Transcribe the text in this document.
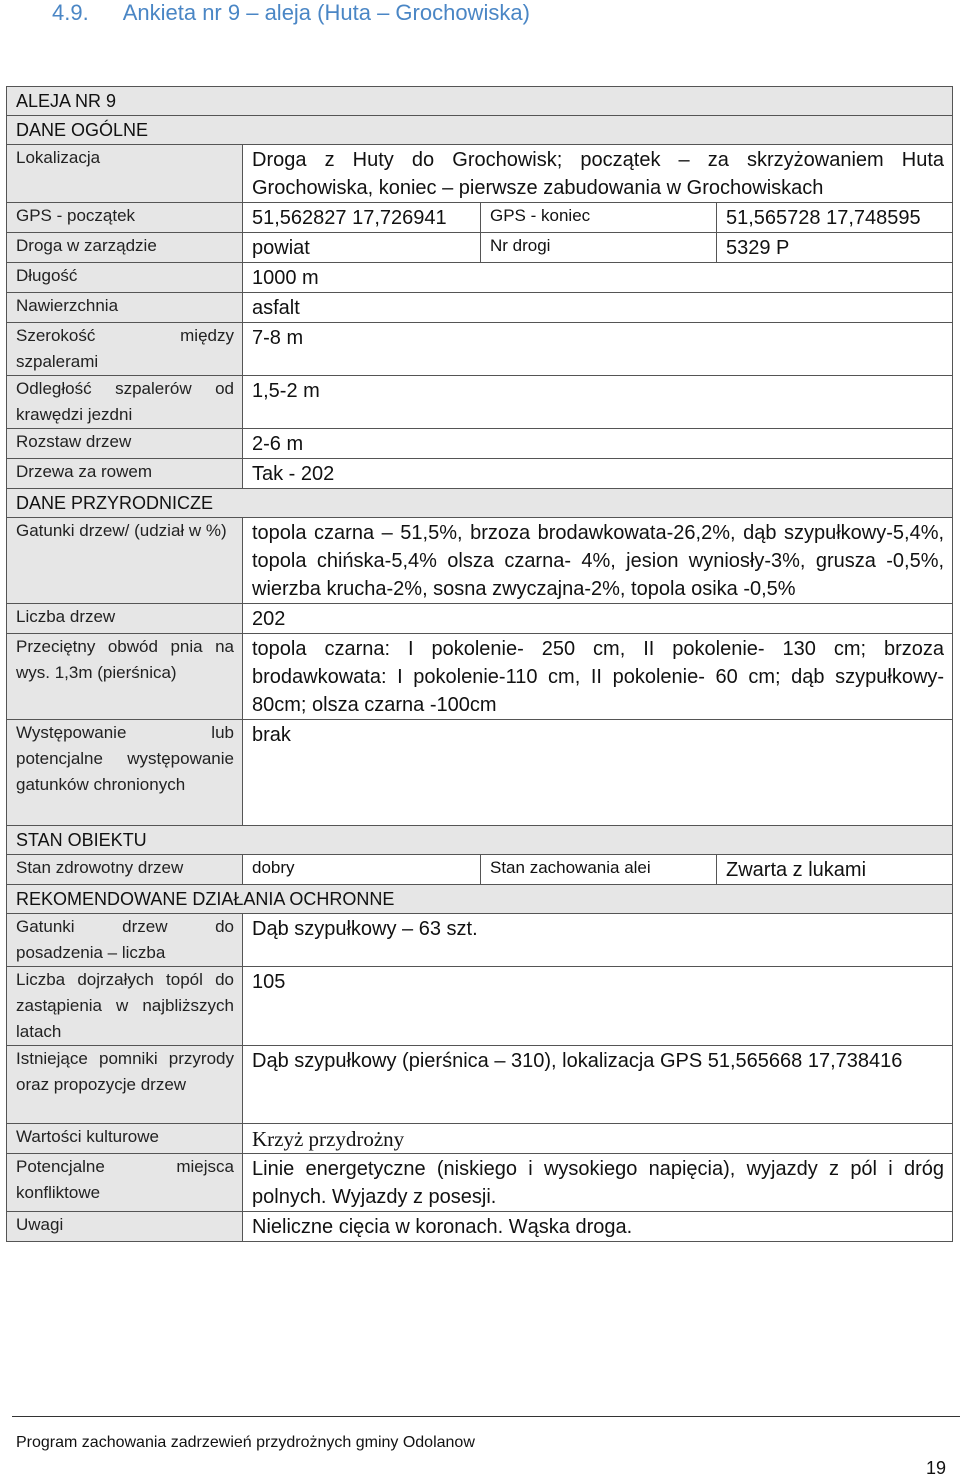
4.9. Ankieta nr 9 – aleja (Huta – Grochowiska)
ALEJA NR 9			
DANE OGÓLNE			
Lokalizacja	Droga z Huty do Grochowisk; początek – za skrzyżowaniem Huta Grochowiska, koniec – pierwsze zabudowania w Grochowiskach		
GPS - początek	51,562827 17,726941	GPS - koniec	51,565728 17,748595
Droga w zarządzie	powiat	Nr drogi	5329 P
Długość	1000 m		
Nawierzchnia	asfalt		
Szerokość między szpalerami	7-8 m		
Odległość szpalerów od krawędzi jezdni	1,5-2 m		
Rozstaw drzew	2-6 m		
Drzewa za rowem	Tak - 202		
DANE PRZYRODNICZE			
Gatunki drzew/ (udział w %)	topola czarna – 51,5%, brzoza brodawkowata-26,2%, dąb szypułkowy-5,4%, topola chińska-5,4% olsza czarna- 4%, jesion wyniosły-3%, grusza -0,5%, wierzba krucha-2%, sosna zwyczajna-2%, topola osika -0,5%		
Liczba drzew	202		
Przeciętny obwód pnia na wys. 1,3m (pierśnica)	topola czarna: I pokolenie- 250 cm, II pokolenie- 130 cm; brzoza brodawkowata: I pokolenie-110 cm, II pokolenie- 60 cm; dąb szypułkowy-80cm; olsza czarna -100cm		
Występowanie lub potencjalne występowanie gatunków chronionych	brak		
STAN OBIEKTU			
Stan zdrowotny drzew	dobry	Stan zachowania alei	Zwarta z lukami
REKOMENDOWANE DZIAŁANIA OCHRONNE			
Gatunki drzew do posadzenia – liczba	Dąb szypułkowy – 63 szt.		
Liczba dojrzałych topól do zastąpienia w najbliższych latach	105		
Istniejące pomniki przyrody oraz propozycje drzew	Dąb szypułkowy (pierśnica – 310), lokalizacja GPS 51,565668 17,738416		
Wartości kulturowe	Krzyż przydrożny		
Potencjalne miejsca konfliktowe	Linie energetyczne (niskiego i wysokiego napięcia), wyjazdy z pól i dróg polnych. Wyjazdy z posesji.		
Uwagi	Nieliczne cięcia w koronach. Wąska droga.		
Program zachowania zadrzewień przydrożnych gminy Odolanow
19
